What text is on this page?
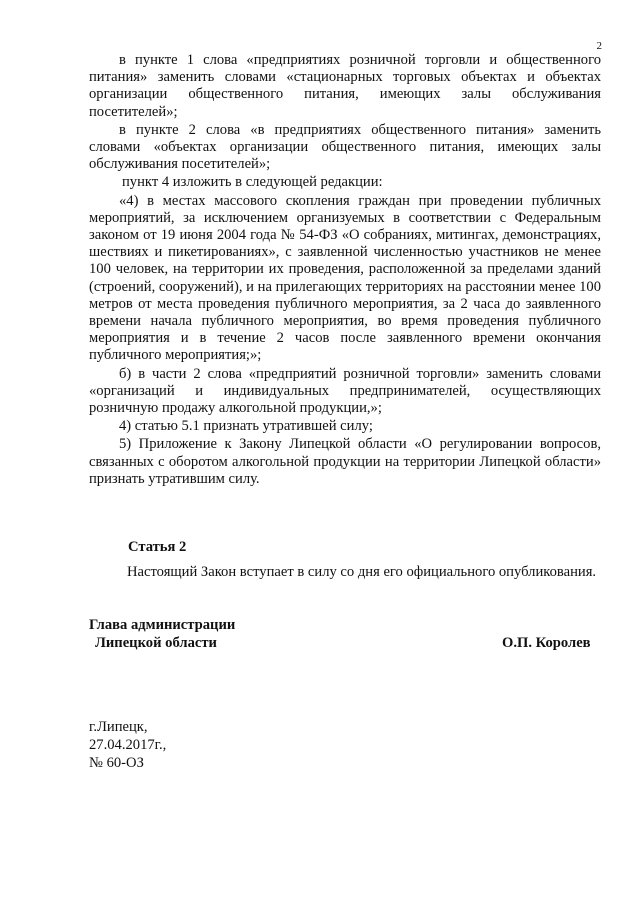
2

в пункте 1 слова «предприятиях розничной торговли и общественного питания» заменить словами «стационарных торговых объектах и объектах организации общественного питания, имеющих залы обслуживания посетителей»;

в пункте 2 слова «в предприятиях общественного питания» заменить словами «объектах организации общественного питания, имеющих залы обслуживания посетителей»;

пункт 4 изложить в следующей редакции:

«4) в местах массового скопления граждан при проведении публичных мероприятий, за исключением организуемых в соответствии с Федеральным законом от 19 июня 2004 года № 54-ФЗ «О собраниях, митингах, демонстрациях, шествиях и пикетированиях», с заявленной численностью участников не менее 100 человек, на территории их проведения, расположенной за пределами зданий (строений, сооружений), и на прилегающих территориях на расстоянии менее 100 метров от места проведения публичного мероприятия, за 2 часа до заявленного времени начала публичного мероприятия, во время проведения публичного мероприятия и в течение 2 часов после заявленного времени окончания публичного мероприятия;»;

б) в части 2 слова «предприятий розничной торговли» заменить словами «организаций и индивидуальных предпринимателей, осуществляющих розничную продажу алкогольной продукции,»;

4) статью 5.1 признать утратившей силу;

5) Приложение к Закону Липецкой области «О регулировании вопросов, связанных с оборотом алкогольной продукции на территории Липецкой области» признать утратившим силу.

Статья 2
Настоящий Закон вступает в силу со дня его официального опубликования.
Глава администрации
Липецкой области	О.П. Королев
г.Липецк,
27.04.2017г.,
№ 60-ОЗ
